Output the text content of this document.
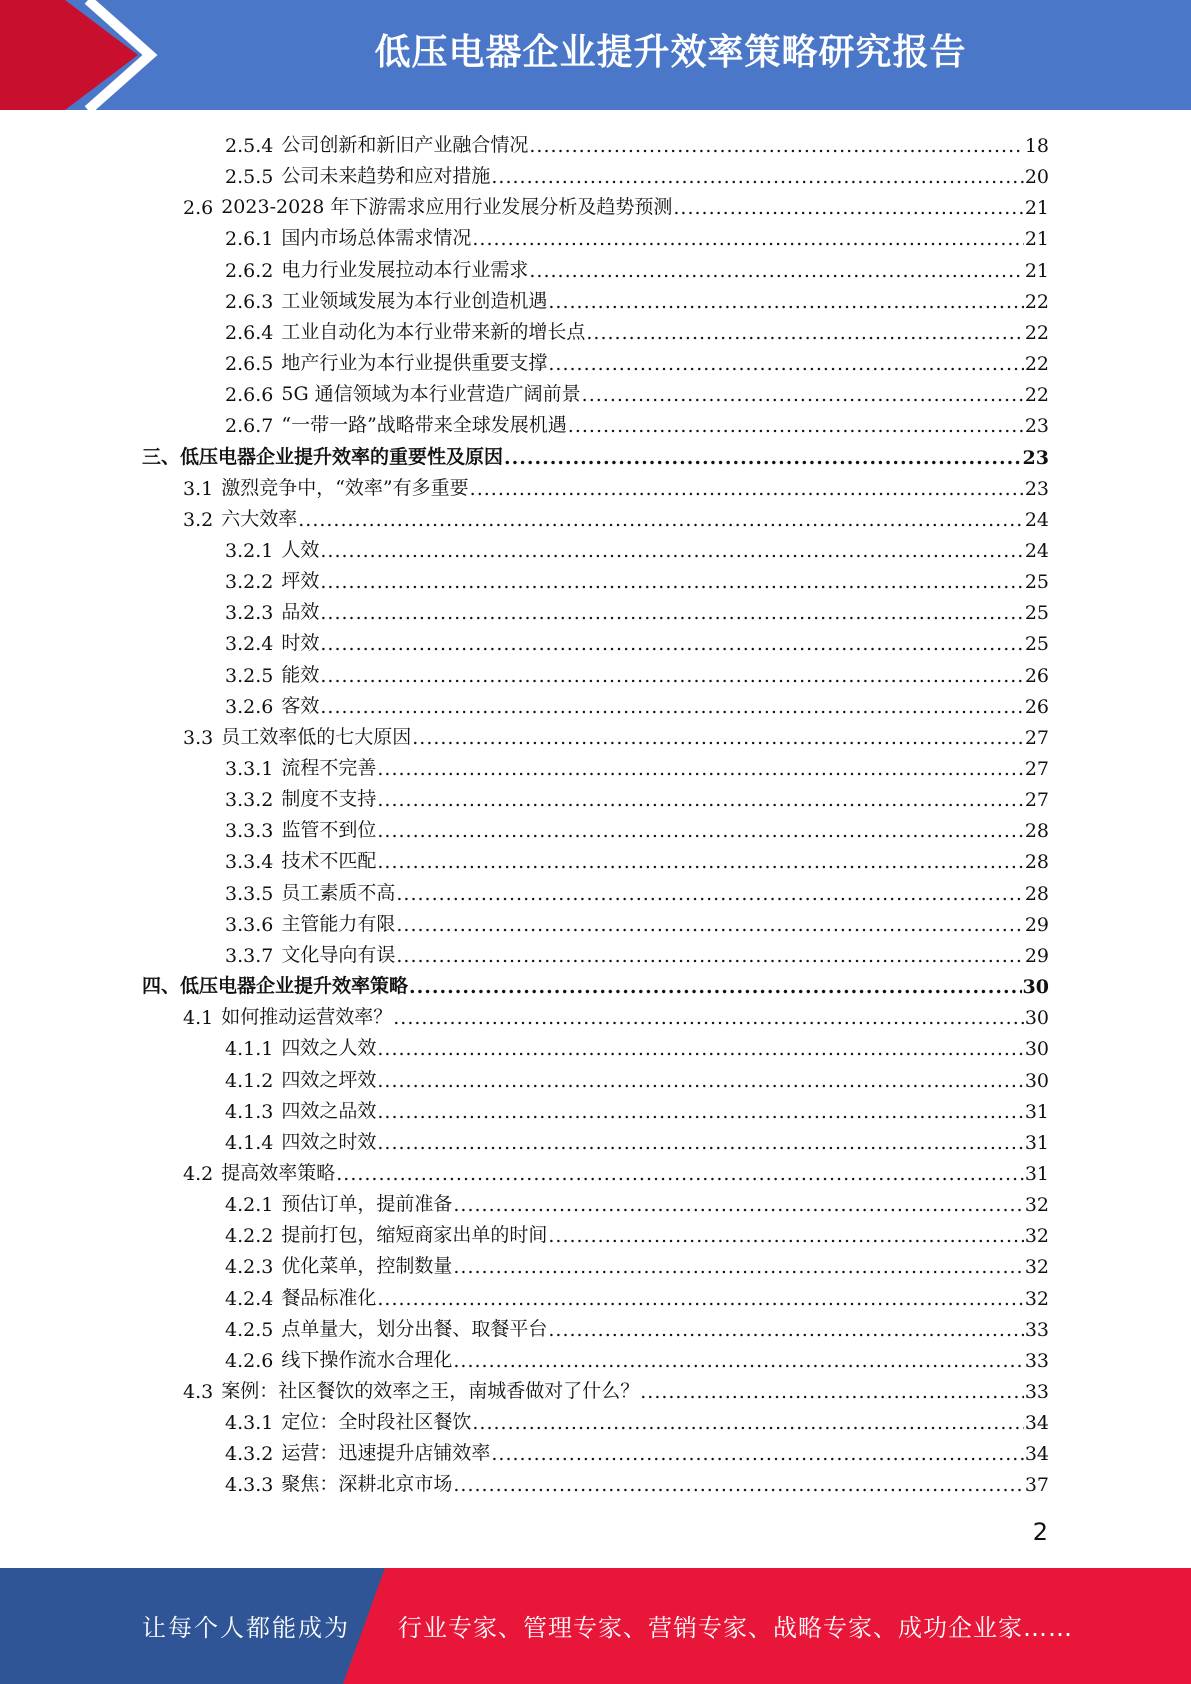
低压电器企业提升效率策略研究报告
2.5.4 公司创新和新旧产业融合情况 .....	18
2.5.5 公司未来趋势和应对措施 .....	20
2.6 2023-2028 年下游需求应用行业发展分析及趋势预测 .....	21
2.6.1 国内市场总体需求情况 .....	21
2.6.2 电力行业发展拉动本行业需求 .....	21
2.6.3 工业领域发展为本行业创造机遇 .....	22
2.6.4 工业自动化为本行业带来新的增长点 .....	22
2.6.5 地产行业为本行业提供重要支撑 .....	22
2.6.6 5G 通信领域为本行业营造广阔前景 .....	22
2.6.7 “一带一路”战略带来全球发展机遇 .....	23
三、 低压电器企业提升效率的重要性及原因 .....	23
3.1 激烈竞争中，“效率”有多重要 .....	23
3.2 六大效率 .....	24
3.2.1 人效 .....	24
3.2.2 坪效 .....	25
3.2.3 品效 .....	25
3.2.4 时效 .....	25
3.2.5 能效 .....	26
3.2.6 客效 .....	26
3.3 员工效率低的七大原因 .....	27
3.3.1 流程不完善 .....	27
3.3.2 制度不支持 .....	27
3.3.3 监管不到位 .....	28
3.3.4 技术不匹配 .....	28
3.3.5 员工素质不高 .....	28
3.3.6 主管能力有限 .....	29
3.3.7 文化导向有误 .....	29
四、 低压电器企业提升效率策略 .....	30
4.1 如何推动运营效率？ .....	30
4.1.1 四效之人效 .....	30
4.1.2 四效之坪效 .....	30
4.1.3 四效之品效 .....	31
4.1.4 四效之时效 .....	31
4.2 提高效率策略 .....	31
4.2.1 预估订单，提前准备 .....	32
4.2.2 提前打包，缩短商家出单的时间 .....	32
4.2.3 优化菜单，控制数量 .....	32
4.2.4 餐品标准化 .....	32
4.2.5 点单量大，划分出餐、取餐平台 .....	33
4.2.6 线下操作流水合理化 .....	33
4.3 案例：社区餐饮的效率之王，南城香做对了什么？ .....	33
4.3.1 定位：全时段社区餐饮 .....	34
4.3.2 运营：迅速提升店铺效率 .....	34
4.3.3 聚焦：深耕北京市场 .....	37
2
让每个人都能成为 行业专家、管理专家、营销专家、战略专家、成功企业家……
